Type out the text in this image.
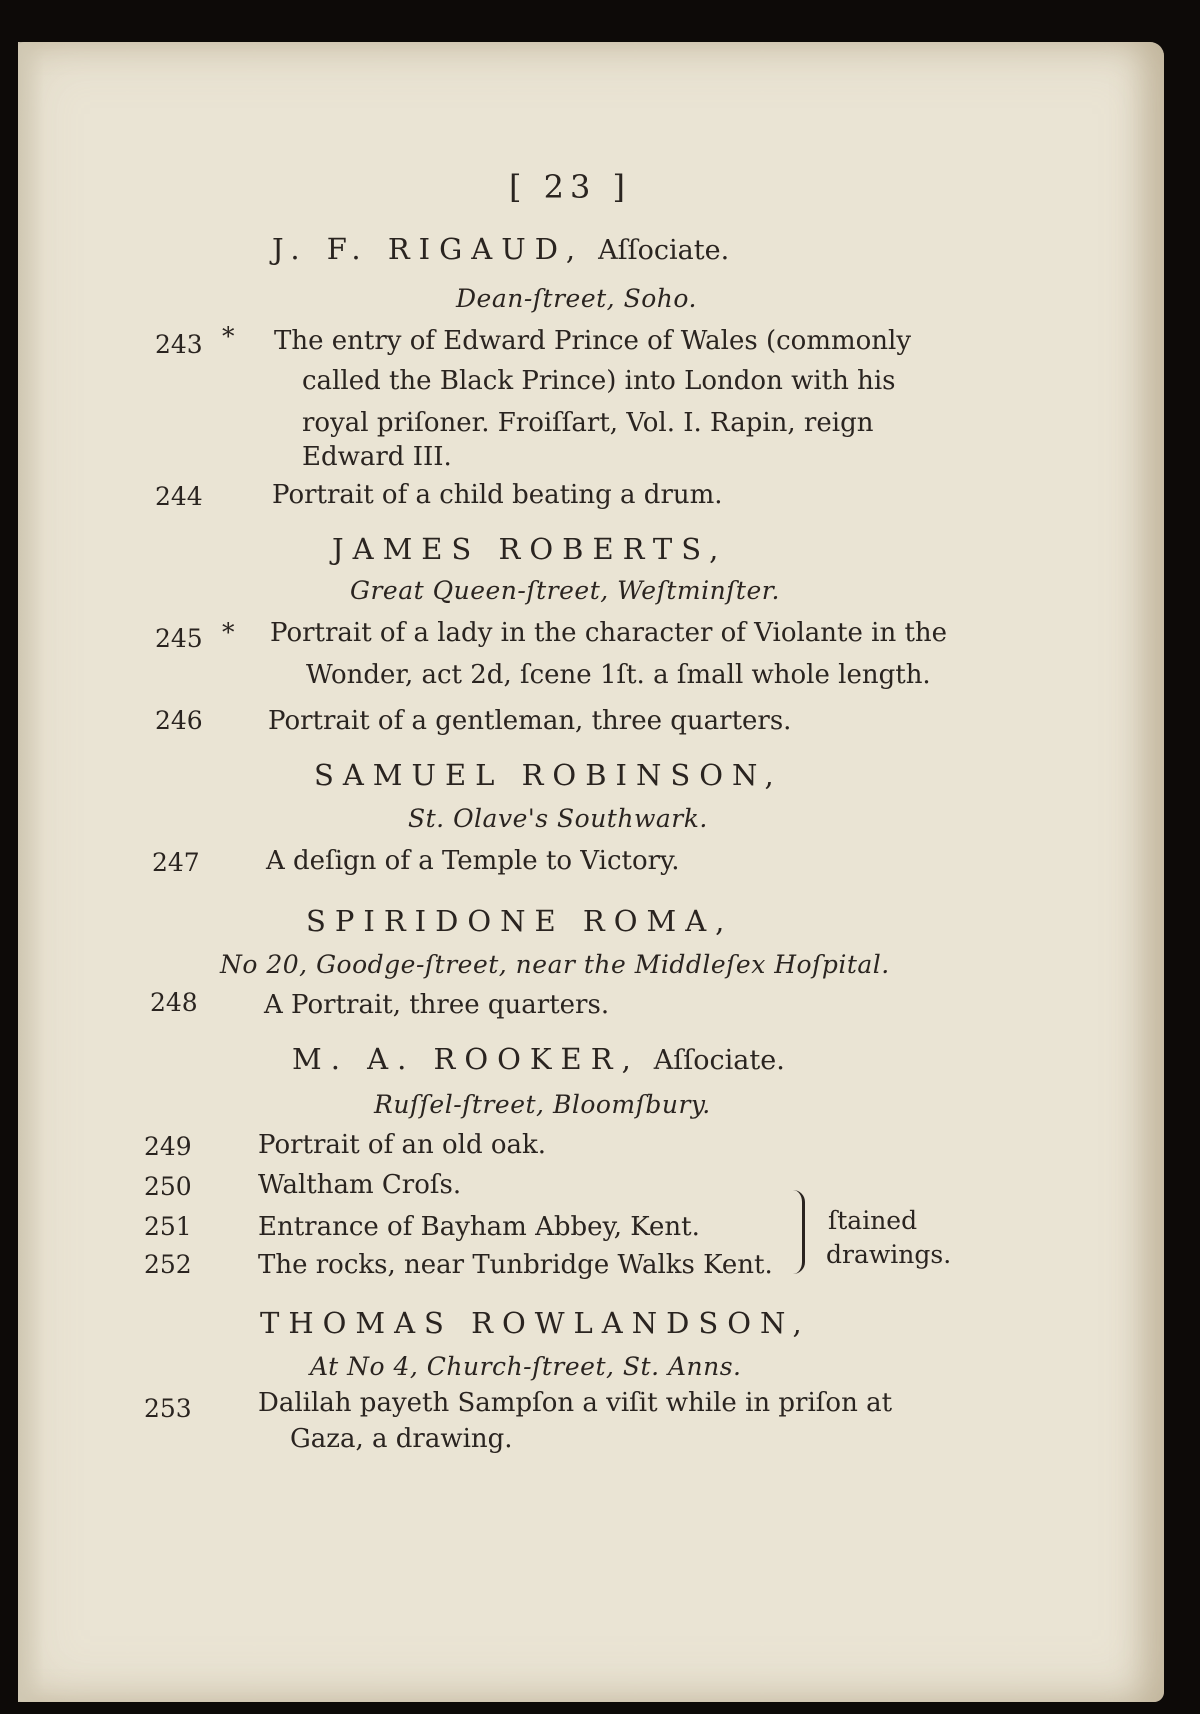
[ 23 ]
J. F. RIGAUD, Aſſociate.
Dean-ſtreet, Soho.
243 * The entry of Edward Prince of Wales (commonly
called the Black Prince) into London with his
royal priſoner. Froiſſart, Vol. I. Rapin, reign
Edward III.
244	Portrait of a child beating a drum.
JAMES ROBERTS,
Great Queen-ſtreet, Weſtminſter.
245 * Portrait of a lady in the character of Violante in the
Wonder, act 2d, ſcene 1ſt. a ſmall whole length.
246	Portrait of a gentleman, three quarters.
SAMUEL ROBINSON,
St. Olave's Southwark.
247	A deſign of a Temple to Victory.
SPIRIDONE ROMA,
No 20, Goodge-ſtreet, near the Middleſex Hoſpital.
248	A Portrait, three quarters.
M. A. ROOKER, Aſſociate.
Ruſſel-ſtreet, Bloomſbury.
249	Portrait of an old oak.
250	Waltham Croſs.
251	Entrance of Bayham Abbey, Kent.
252	The rocks, near Tunbridge Walks Kent.
ſtained
drawings.
THOMAS ROWLANDSON,
At No 4, Church-ſtreet, St. Anns.
253	Dalilah payeth Sampſon a viſit while in priſon at
Gaza, a drawing.
